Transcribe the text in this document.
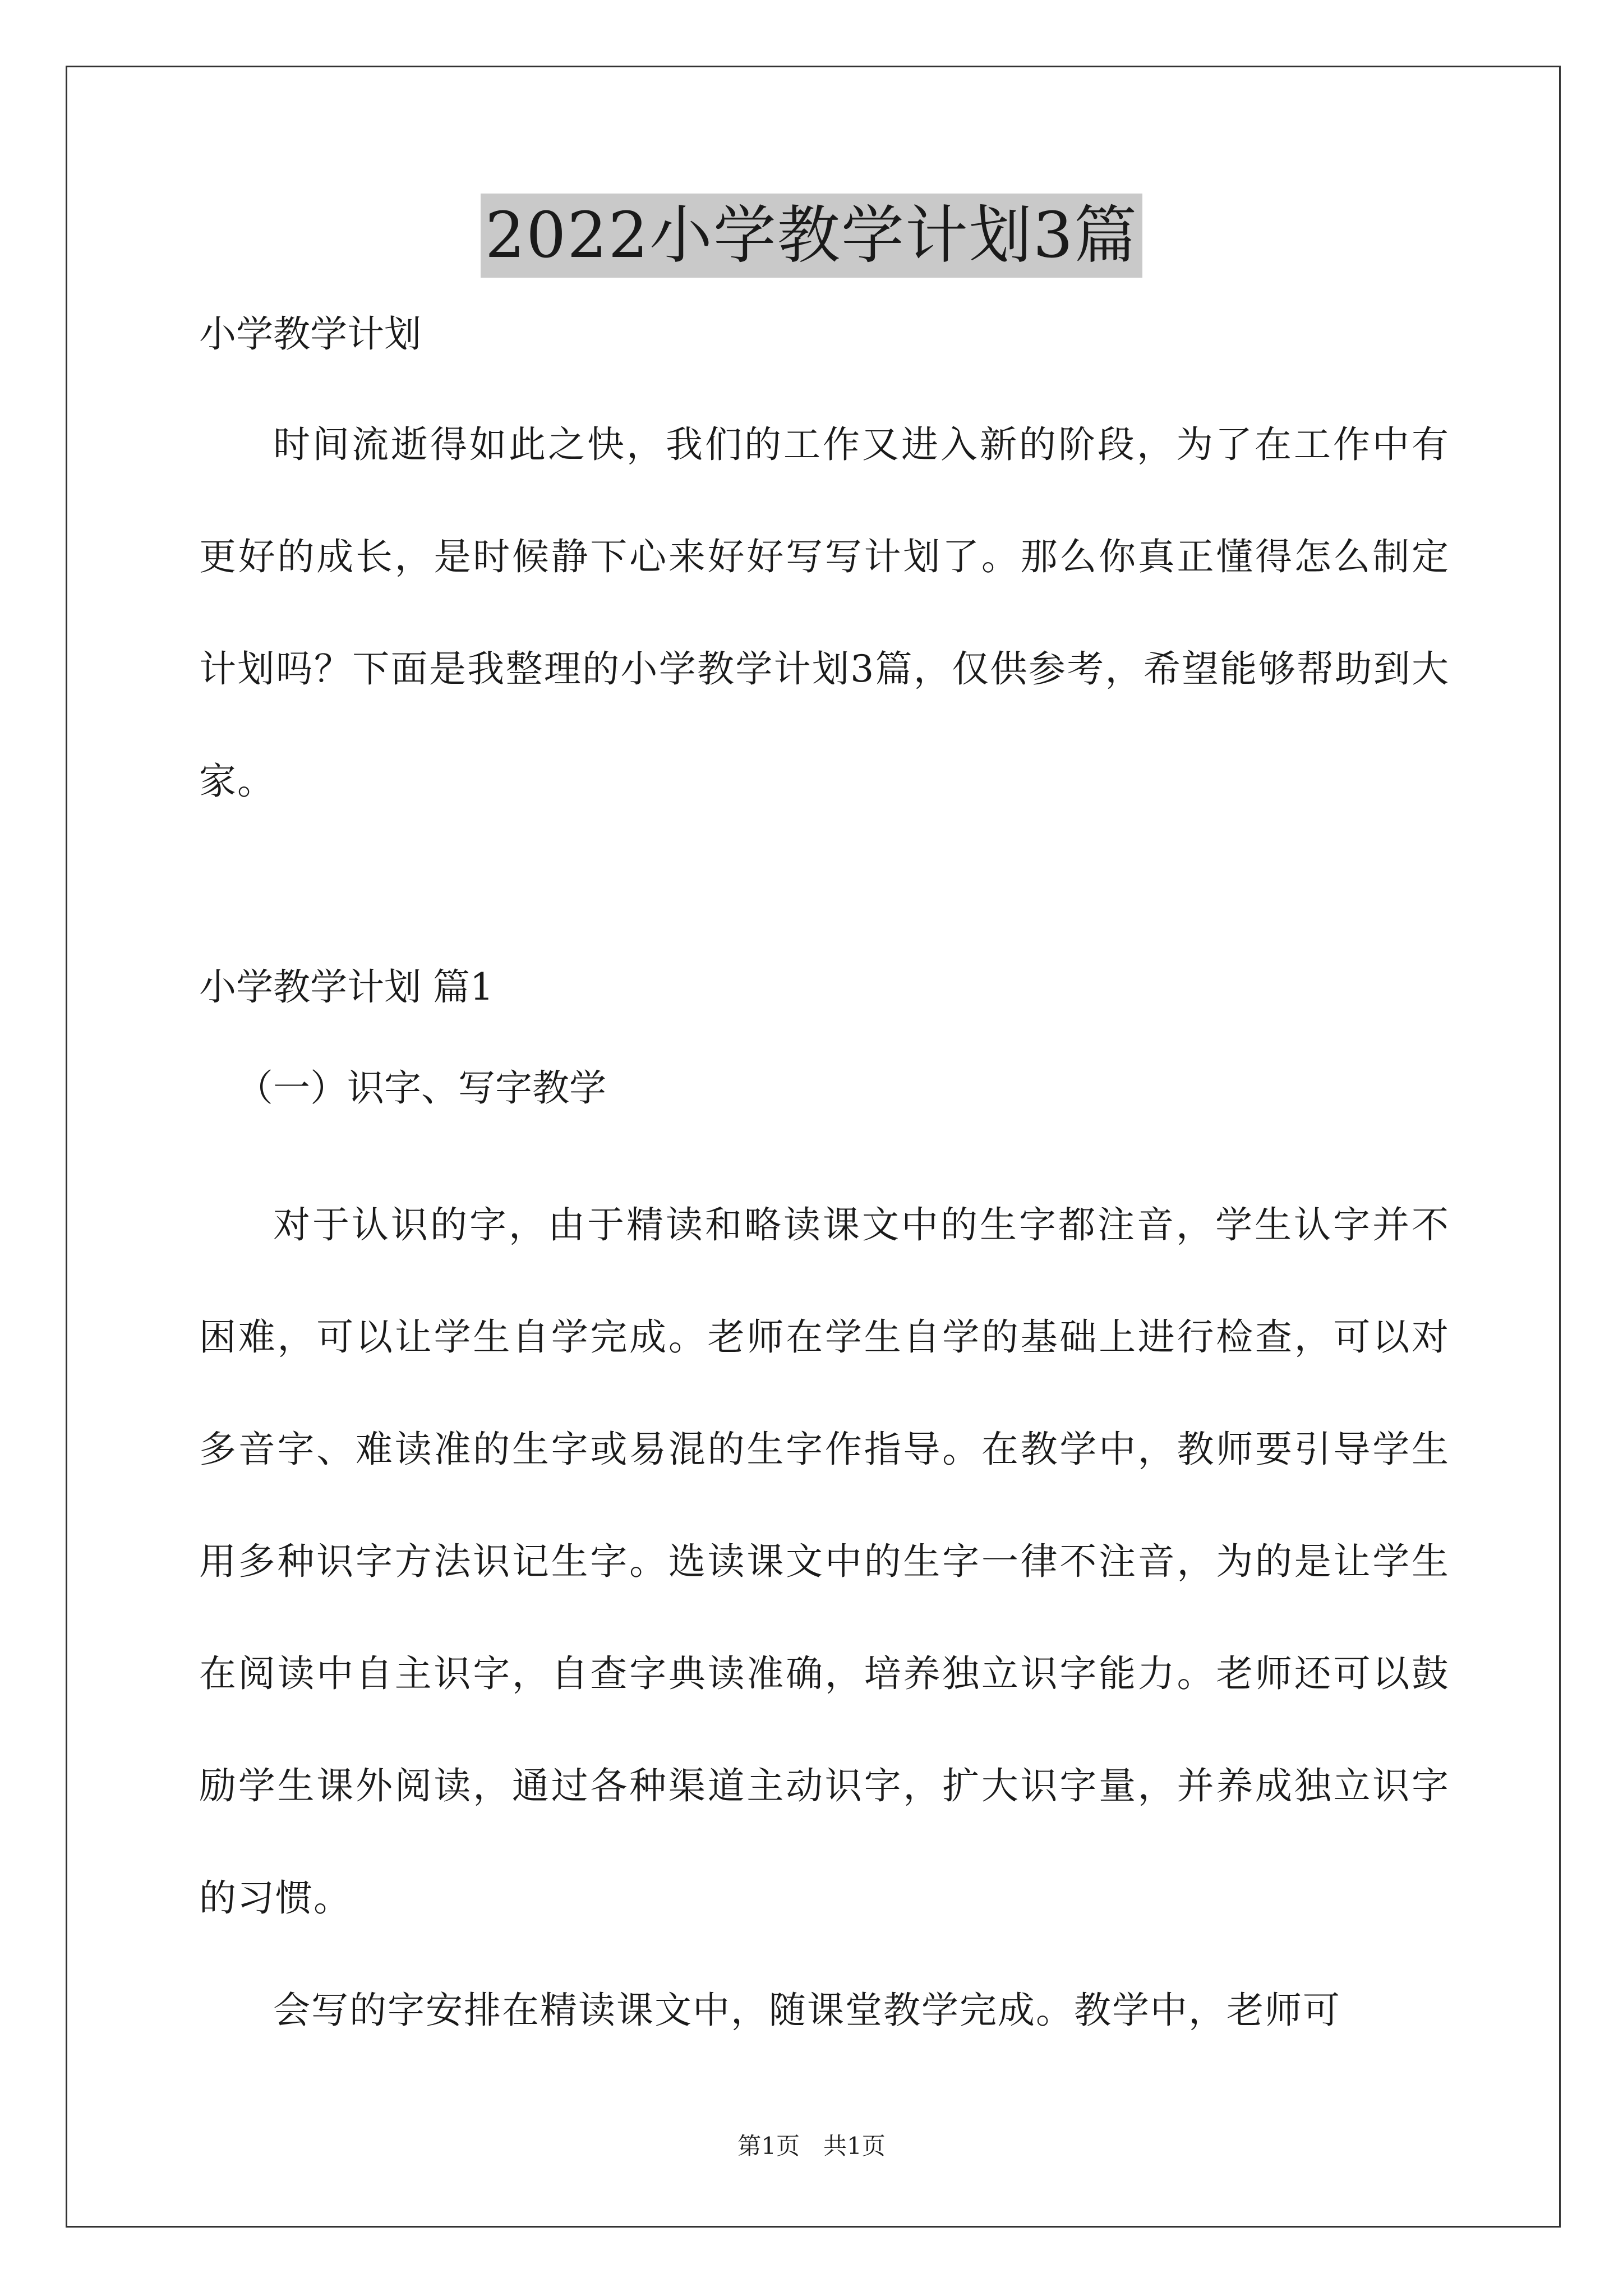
2022小学教学计划3篇

小学教学计划

时间流逝得如此之快，我们的工作又进入新的阶段，为了在工作中有更好的成长，是时候静下心来好好写写计划了。那么你真正懂得怎么制定计划吗？下面是我整理的小学教学计划3篇，仅供参考，希望能够帮助到大家。

小学教学计划 篇1

（一）识字、写字教学

对于认识的字，由于精读和略读课文中的生字都注音，学生认字并不困难，可以让学生自学完成。老师在学生自学的基础上进行检查，可以对多音字、难读准的生字或易混的生字作指导。在教学中，教师要引导学生用多种识字方法识记生字。选读课文中的生字一律不注音，为的是让学生在阅读中自主识字，自查字典读准确，培养独立识字能力。老师还可以鼓励学生课外阅读，通过各种渠道主动识字，扩大识字量，并养成独立识字的习惯。

会写的字安排在精读课文中，随课堂教学完成。教学中，老师可

第1页　共1页
